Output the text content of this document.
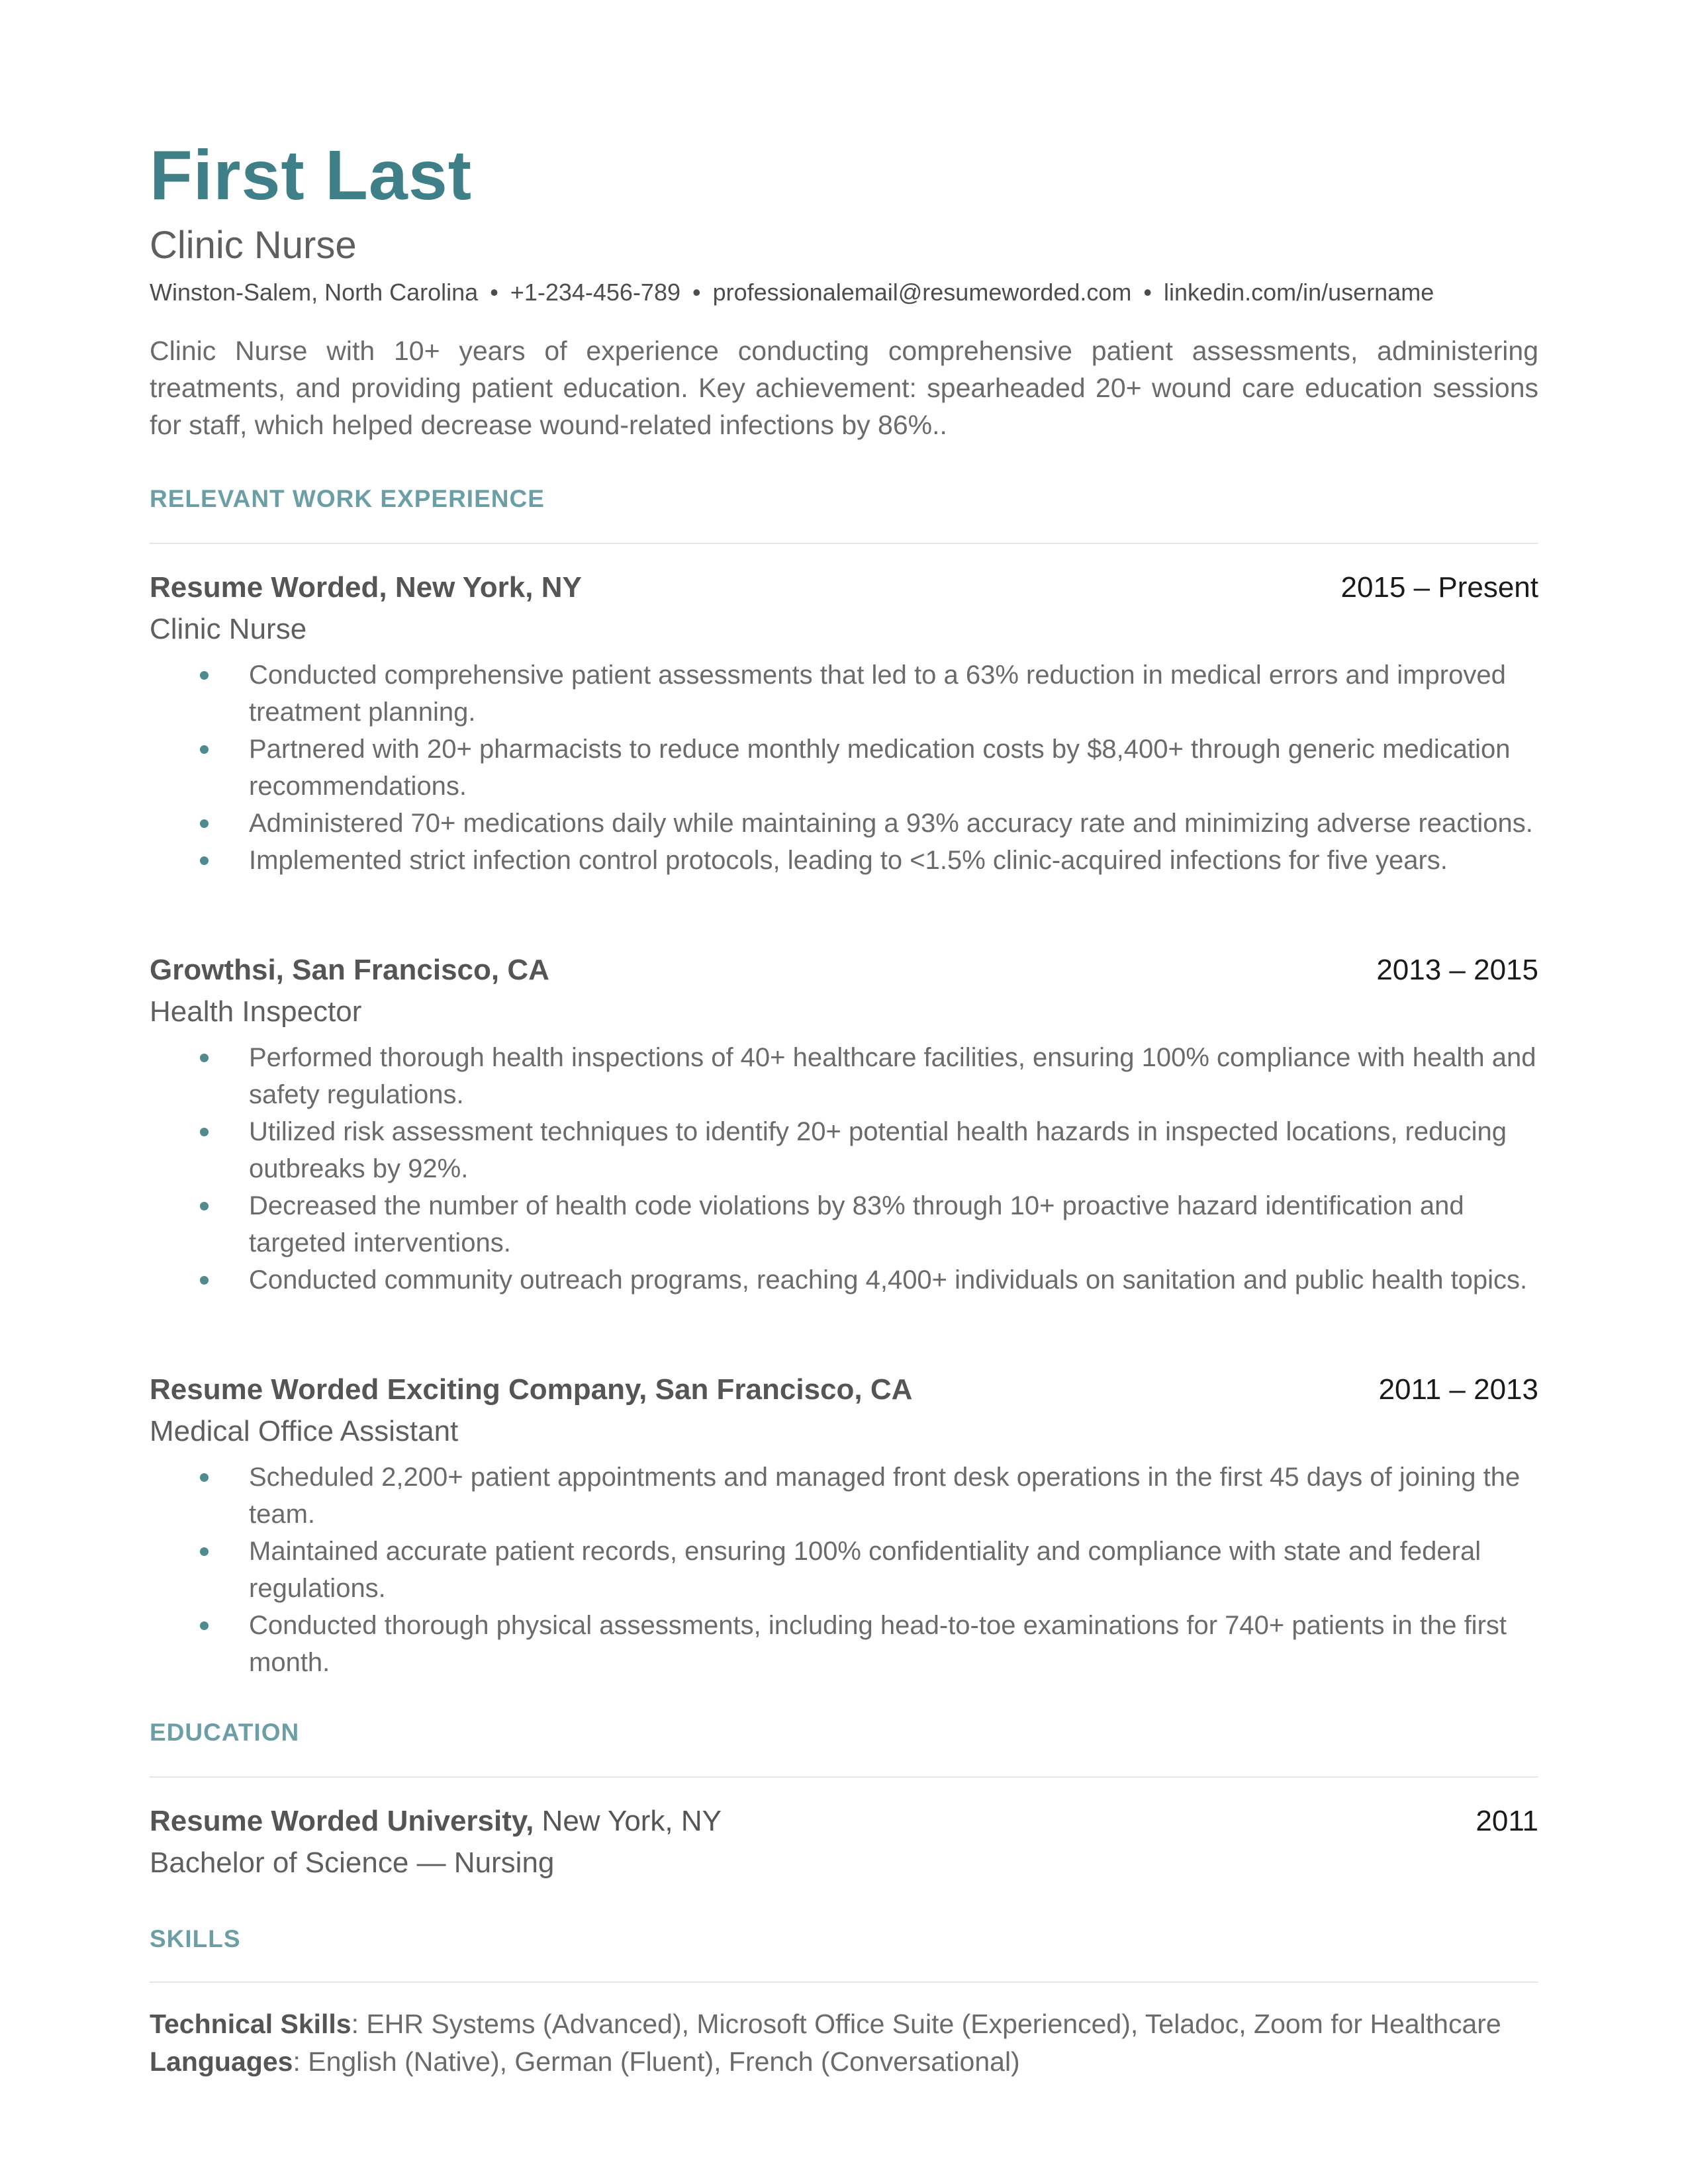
First Last
Clinic Nurse
Winston-Salem, North Carolina • +1-234-456-789 • professionalemail@resumeworded.com • linkedin.com/in/username
Clinic Nurse with 10+ years of experience conducting comprehensive patient assessments, administering treatments, and providing patient education. Key achievement: spearheaded 20+ wound care education sessions for staff, which helped decrease wound-related infections by 86%..
RELEVANT WORK EXPERIENCE
Resume Worded, New York, NY	2015 – Present
Clinic Nurse
Conducted comprehensive patient assessments that led to a 63% reduction in medical errors and improved treatment planning.
Partnered with 20+ pharmacists to reduce monthly medication costs by $8,400+ through generic medication recommendations.
Administered 70+ medications daily while maintaining a 93% accuracy rate and minimizing adverse reactions.
Implemented strict infection control protocols, leading to <1.5% clinic-acquired infections for five years.
Growthsi, San Francisco, CA	2013 – 2015
Health Inspector
Performed thorough health inspections of 40+ healthcare facilities, ensuring 100% compliance with health and safety regulations.
Utilized risk assessment techniques to identify 20+ potential health hazards in inspected locations, reducing outbreaks by 92%.
Decreased the number of health code violations by 83% through 10+ proactive hazard identification and targeted interventions.
Conducted community outreach programs, reaching 4,400+ individuals on sanitation and public health topics.
Resume Worded Exciting Company, San Francisco, CA	2011 – 2013
Medical Office Assistant
Scheduled 2,200+ patient appointments and managed front desk operations in the first 45 days of joining the team.
Maintained accurate patient records, ensuring 100% confidentiality and compliance with state and federal regulations.
Conducted thorough physical assessments, including head-to-toe examinations for 740+ patients in the first month.
EDUCATION
Resume Worded University, New York, NY	2011
Bachelor of Science — Nursing
SKILLS
Technical Skills: EHR Systems (Advanced), Microsoft Office Suite (Experienced), Teladoc, Zoom for Healthcare
Languages: English (Native), German (Fluent), French (Conversational)
